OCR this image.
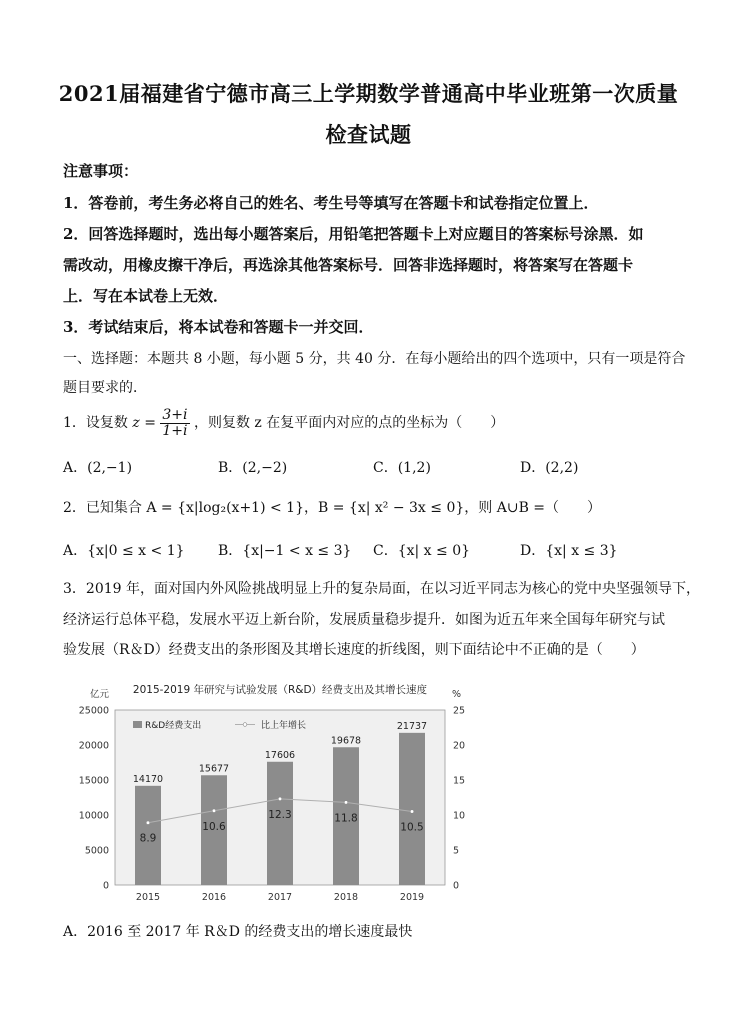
2021届福建省宁德市高三上学期数学普通高中毕业班第一次质量
检查试题
注意事项：
1．答卷前，考生务必将自己的姓名、考生号等填写在答题卡和试卷指定位置上．
2．回答选择题时，选出每小题答案后，用铅笔把答题卡上对应题目的答案标号涂黑．如
需改动，用橡皮擦干净后，再选涂其他答案标号．回答非选择题时，将答案写在答题卡
上．写在本试卷上无效．
3．考试结束后，将本试卷和答题卡一并交回．
一、选择题：本题共 8 小题，每小题 5 分，共 40 分．在每小题给出的四个选项中，只有一项是符合
题目要求的．
1．设复数 $z = \frac{3+i}{1+i}$ ，则复数 z 在复平面内对应的点的坐标为（　　）
A．(2,−1)	B．(2,−2)	C．(1,2)	D．(2,2)
2．已知集合 A = {x|log₂(x+1) < 1}，B = {x| x² − 3x ≤ 0}，则 A∪B =（　　）
A．{x|0 ≤ x < 1} B．{x|−1 < x ≤ 3} C．{x| x ≤ 0}	D．{x| x ≤ 3}
3．2019 年，面对国内外风险挑战明显上升的复杂局面，在以习近平同志为核心的党中央坚强领导下，
经济运行总体平稳，发展水平迈上新台阶，发展质量稳步提升．如图为近五年来全国每年研究与试
验发展（R＆D）经费支出的条形图及其增长速度的折线图，则下面结论中不正确的是（　　）
2015-2019 年研究与试验发展（R&D）经费支出及其增长速度
亿元	%
0
5000
10000
15000
20000
25000
0
5
10
15
20
25
14170
2015
15677
2016
17606
2017
19678
2018
21737
2019
8.9
10.6
12.3	11.8
10.5
R&D经费支出	比上年增长
A．2016 至 2017 年 R＆D 的经费支出的增长速度最快
